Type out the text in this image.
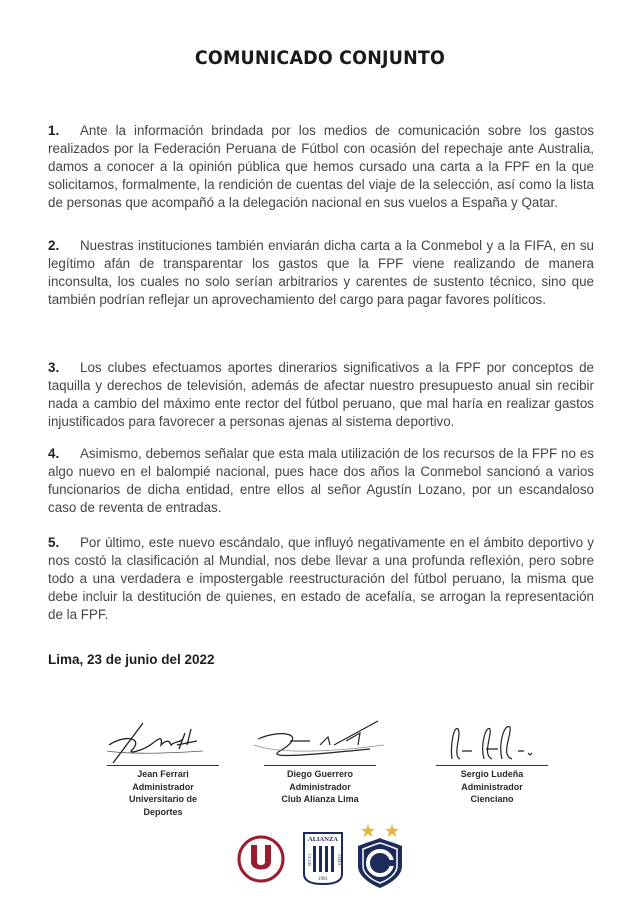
COMUNICADO CONJUNTO

1. Ante la información brindada por los medios de comunicación sobre los gastos realizados por la Federación Peruana de Fútbol con ocasión del repechaje ante Australia, damos a conocer a la opinión pública que hemos cursado una carta a la FPF en la que solicitamos, formalmente, la rendición de cuentas del viaje de la selección, así como la lista de personas que acompañó a la delegación nacional en sus vuelos a España y Qatar.

2. Nuestras instituciones también enviarán dicha carta a la Conmebol y a la FIFA, en su legítimo afán de transparentar los gastos que la FPF viene realizando de manera inconsulta, los cuales no solo serían arbitrarios y carentes de sustento técnico, sino que también podrían reflejar un aprovechamiento del cargo para pagar favores políticos.

3. Los clubes efectuamos aportes dinerarios significativos a la FPF por conceptos de taquilla y derechos de televisión, además de afectar nuestro presupuesto anual sin recibir nada a cambio del máximo ente rector del fútbol peruano, que mal haría en realizar gastos injustificados para favorecer a personas ajenas al sistema deportivo.

4. Asimismo, debemos señalar que esta mala utilización de los recursos de la FPF no es algo nuevo en el balompié nacional, pues hace dos años la Conmebol sancionó a varios funcionarios de dicha entidad, entre ellos al señor Agustín Lozano, por un escandaloso caso de reventa de entradas.

5. Por último, este nuevo escándalo, que influyó negativamente en el ámbito deportivo y nos costó la clasificación al Mundial, nos debe llevar a una profunda reflexión, pero sobre todo a una verdadera e impostergable reestructuración del fútbol peruano, la misma que debe incluir la destitución de quienes, en estado de acefalía, se arrogan la representación de la FPF.

Lima, 23 de junio del 2022
Jean Ferrari
Administrador
Universitario de
Deportes
Diego Guerrero
Administrador
Club Alianza Lima
Sergio Ludeña
Administrador
Cienciano
ALIANZA
CLUB	LIMA
1901
